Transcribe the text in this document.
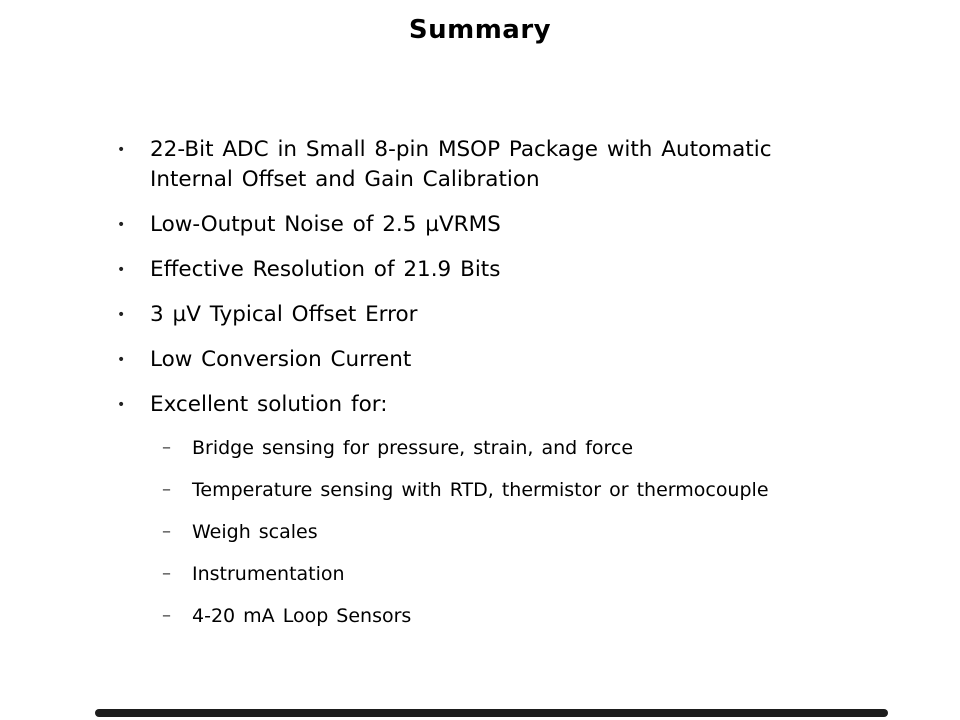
Summary
•	22-Bit ADC in Small 8-pin MSOP Package with Automatic Internal Offset and Gain Calibration
•	Low-Output Noise of 2.5 µVRMS
•	Effective Resolution of 21.9 Bits
•	3 µV Typical Offset Error
•	Low Conversion Current
•	Excellent solution for:
–	Bridge sensing for pressure, strain, and force
–	Temperature sensing with RTD, thermistor or thermocouple
–	Weigh scales
–	Instrumentation
–	4-20 mA Loop Sensors
